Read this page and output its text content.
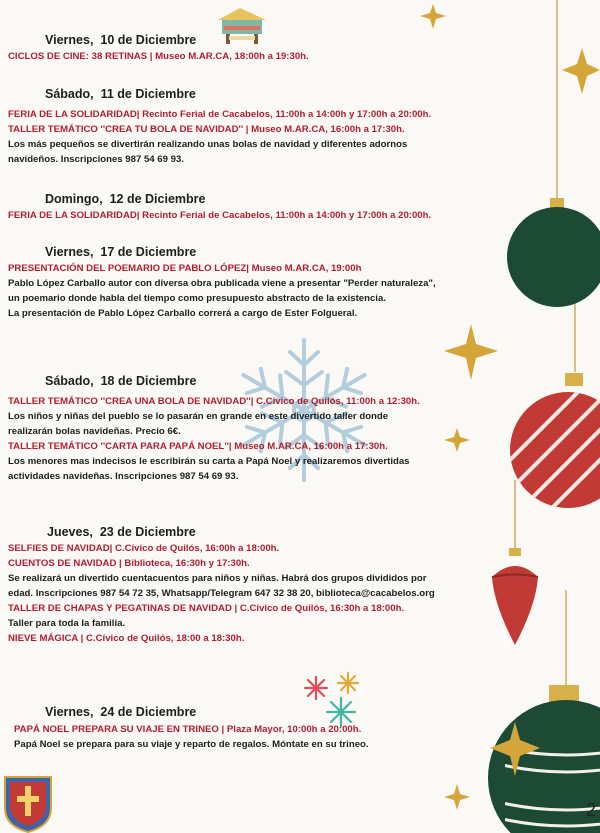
Viernes, 10 de Diciembre
CICLOS DE CINE: 38 RETINAS | Museo M.AR.CA, 18:00h a 19:30h.
Sábado, 11 de Diciembre
FERIA DE LA SOLIDARIDAD| Recinto Ferial de Cacabelos, 11:00h a 14:00h y 17:00h a 20:00h.
TALLER TEMÁTICO ''CREA TU BOLA DE NAVIDAD'' | Museo M.AR.CA, 16:00h a 17:30h.
Los más pequeños se divertirán realizando unas bolas de navidad y diferentes adornos
navideños. Inscripciones 987 54 69 93.
Domingo, 12 de Diciembre
FERIA DE LA SOLIDARIDAD| Recinto Ferial de Cacabelos, 11:00h a 14:00h y 17:00h a 20:00h.
Viernes, 17 de Diciembre
PRESENTACIÓN DEL POEMARIO DE PABLO LÓPEZ| Museo M.AR.CA, 19:00h
Pablo López Carballo autor con diversa obra publicada viene a presentar "Perder naturaleza",
un poemario donde habla del tiempo como presupuesto abstracto de la existencia.
La presentación de Pablo López Carballo correrá a cargo de Ester Folgueral.
Sábado, 18 de Diciembre
TALLER TEMÁTICO ''CREA UNA BOLA DE NAVIDAD''| C.Cívico de Quilós, 11:00h a 12:30h.
Los niños y niñas del pueblo se lo pasarán en grande en este divertido taller donde
realizarán bolas navideñas. Precio 6€.
TALLER TEMÁTICO ''CARTA PARA PAPÁ NOEL''| Museo M.AR.CA, 16:00h a 17:30h.
Los menores mas indecisos le escribirán su carta a Papá Noel y realizaremos divertidas
actividades navideñas. Inscripciones 987 54 69 93.
Jueves, 23 de Diciembre
SELFIES DE NAVIDAD| C.Cívico de Quilós, 16:00h a 18:00h.
CUENTOS DE NAVIDAD | Biblioteca, 16:30h y 17:30h.
Se realizará un divertido cuentacuentos para niños y niñas. Habrá dos grupos divididos por
edad. Inscripciones 987 54 72 35, Whatsapp/Telegram 647 32 38 20, biblioteca@cacabelos.org
TALLER DE CHAPAS Y PEGATINAS DE NAVIDAD | C.Cívico de Quilós, 16:30h a 18:00h.
Taller para toda la familia.
NIEVE MÁGICA | C.Cívico de Quilós, 18:00 a 18:30h.
Viernes, 24 de Diciembre
PAPÁ NOEL PREPARA SU VIAJE EN TRINEO | Plaza Mayor, 10:00h a 20:00h.
Papá Noel se prepara para su viaje y reparto de regalos. Móntate en su trineo.
2
